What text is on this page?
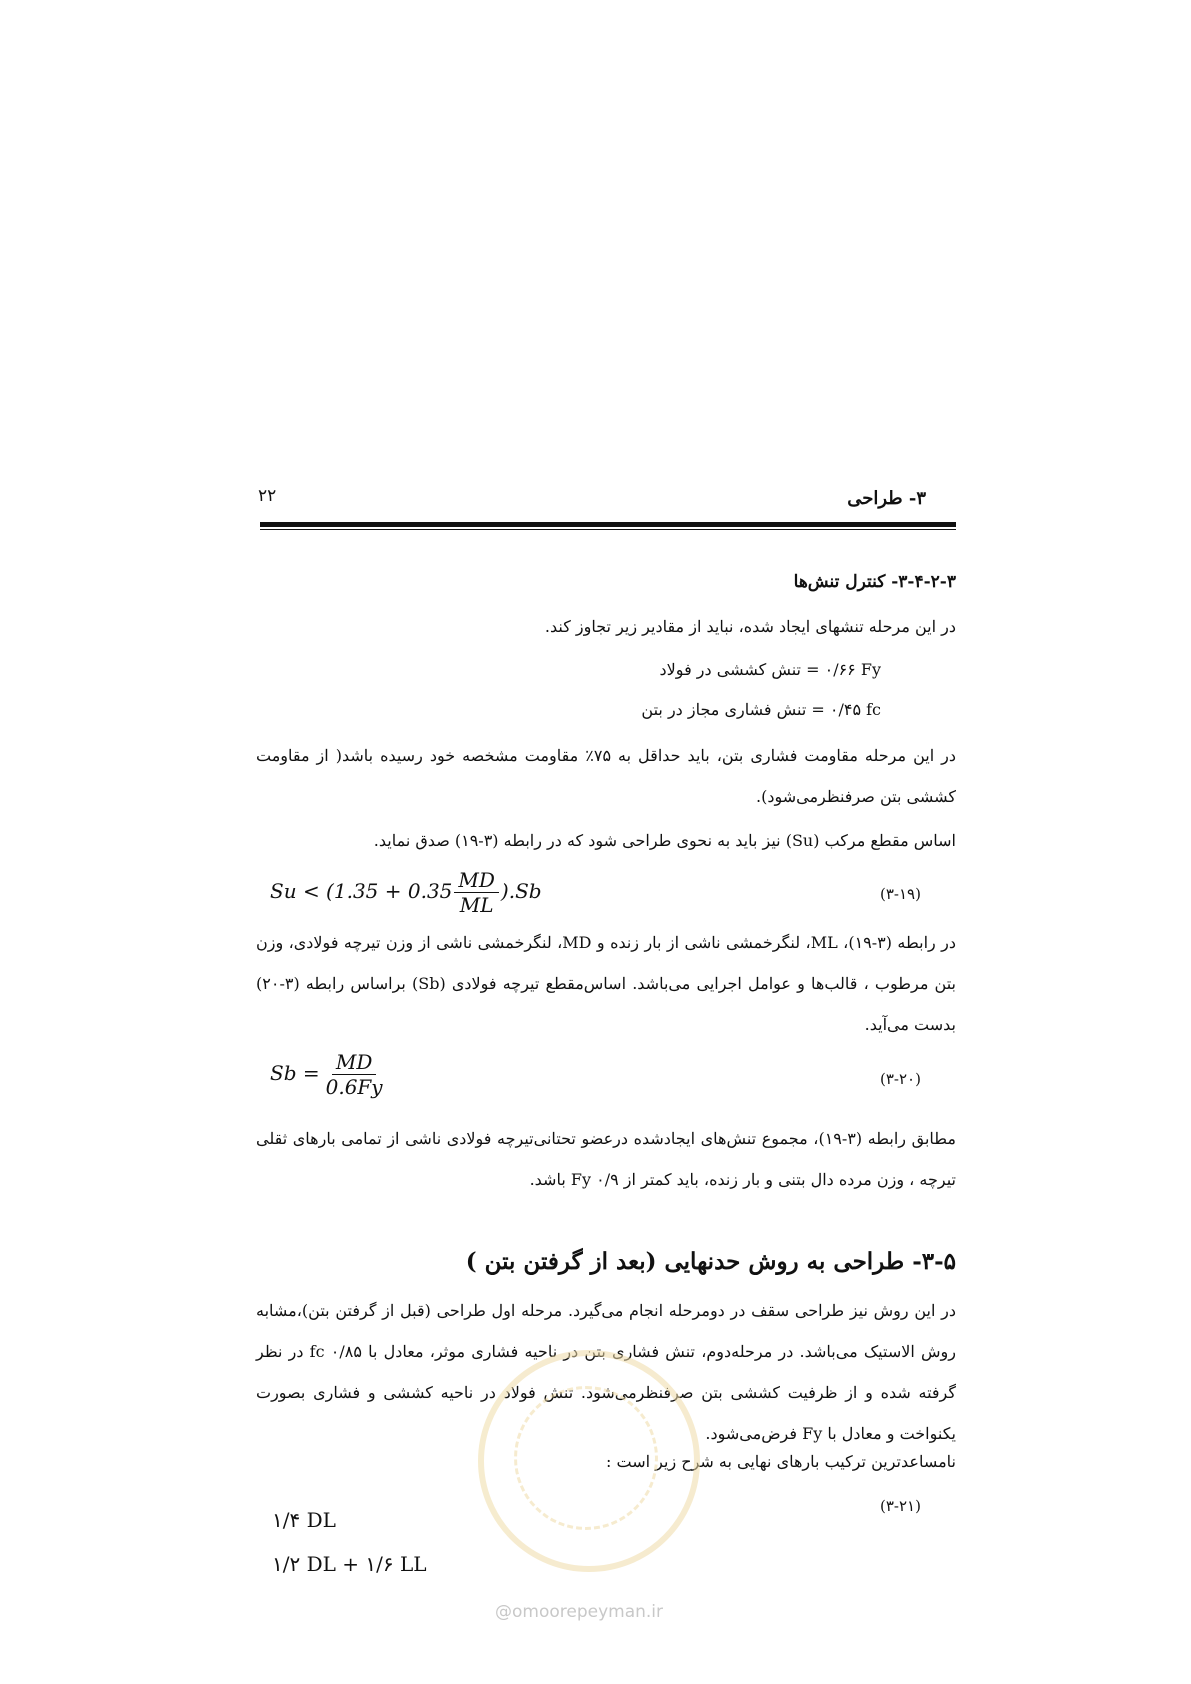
۳- طراحی
۲۲
۳-۴-۲-۳- کنترل تنش‌ها
در این مرحله تنشهای ایجاد شده، نباید از مقادیر زیر تجاوز کند.
۰/۶۶ Fy = تنش کششی در فولاد
۰/۴۵ fc = تنش فشاری مجاز در بتن
در این مرحله مقاومت فشاری بتن، باید حداقل به ۷۵٪ مقاومت مشخصه خود رسیده باشد( از مقاومت کششی بتن صرفنظرمی‌شود).
اساس مقطع مرکب (Su) نیز باید به نحوی طراحی شود که در رابطه (۳-۱۹) صدق نماید.
$Su < (1.35 + 0.35 \frac{MD}{ML} ).Sb$	(۳-۱۹)
در رابطه (۳-۱۹)، ML، لنگرخمشی ناشی از بار زنده و MD، لنگرخمشی ناشی از وزن تیرچه فولادی، وزن بتن مرطوب ، قالب‌ها و عوامل اجرایی می‌باشد. اساس‌مقطع تیرچه فولادی (Sb) براساس رابطه (۳-۲۰) بدست می‌آید.
$Sb = \frac{MD}{0.6Fy}$	(۳-۲۰)
مطابق رابطه (۳-۱۹)، مجموع تنش‌های ایجادشده درعضو تحتانی‌تیرچه فولادی ناشی از تمامی بارهای ثقلی تیرچه ، وزن مرده دال بتنی و بار زنده، باید کمتر از ۰/۹ Fy باشد.
۳-۵- طراحی به روش حدنهایی (بعد از گرفتن بتن )
در این روش نیز طراحی سقف در دومرحله انجام می‌گیرد. مرحله اول طراحی (قبل از گرفتن بتن)،مشابه روش الاستیک می‌باشد. در مرحله‌دوم، تنش فشاری بتن در ناحیه فشاری موثر، معادل با ۰/۸۵ fc در نظر گرفته شده و از ظرفیت کششی بتن صرفنظرمی‌شود. تنش فولاد در ناحیه کششی و فشاری بصورت یکنواخت و معادل با Fy فرض‌می‌شود.
نامساعدترین ترکیب بارهای نهایی به شرح زیر است :
(۳-۲۱)
۱/۴ DL
۱/۲ DL + ۱/۶ LL
@omoorepeyman.ir
